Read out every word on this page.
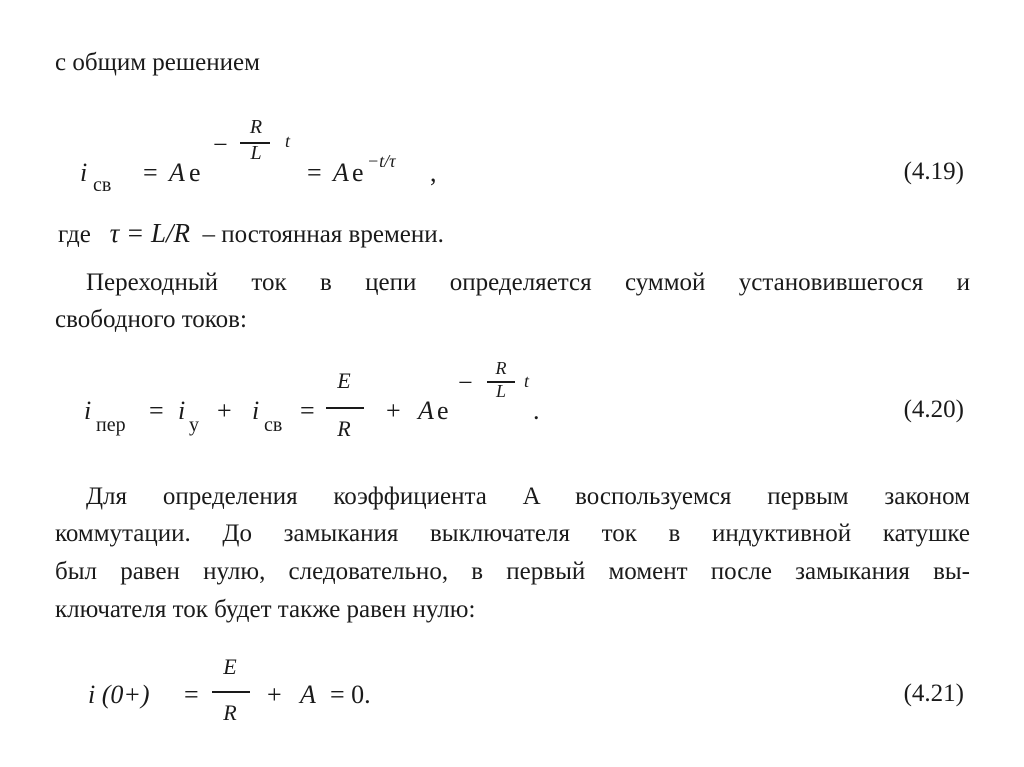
с общим решением
i св = A e
−
R
L
t
= A e −t/τ ,	(4.19)
где τ = L/R – постоянная времени.
Переходный ток в цепи определяется суммой установившегося и
свободного токов:
i пер = i у + i св =
E
R
+ A e
−	R
L	t
.	(4.20)
Для определения коэффициента A воспользуемся первым законом
коммутации. До замыкания выключателя ток в индуктивной катушке
был равен нулю, следовательно, в первый момент после замыкания вы-
ключателя ток будет также равен нулю:
i (0+) =
E
R
+ A = 0.	(4.21)
